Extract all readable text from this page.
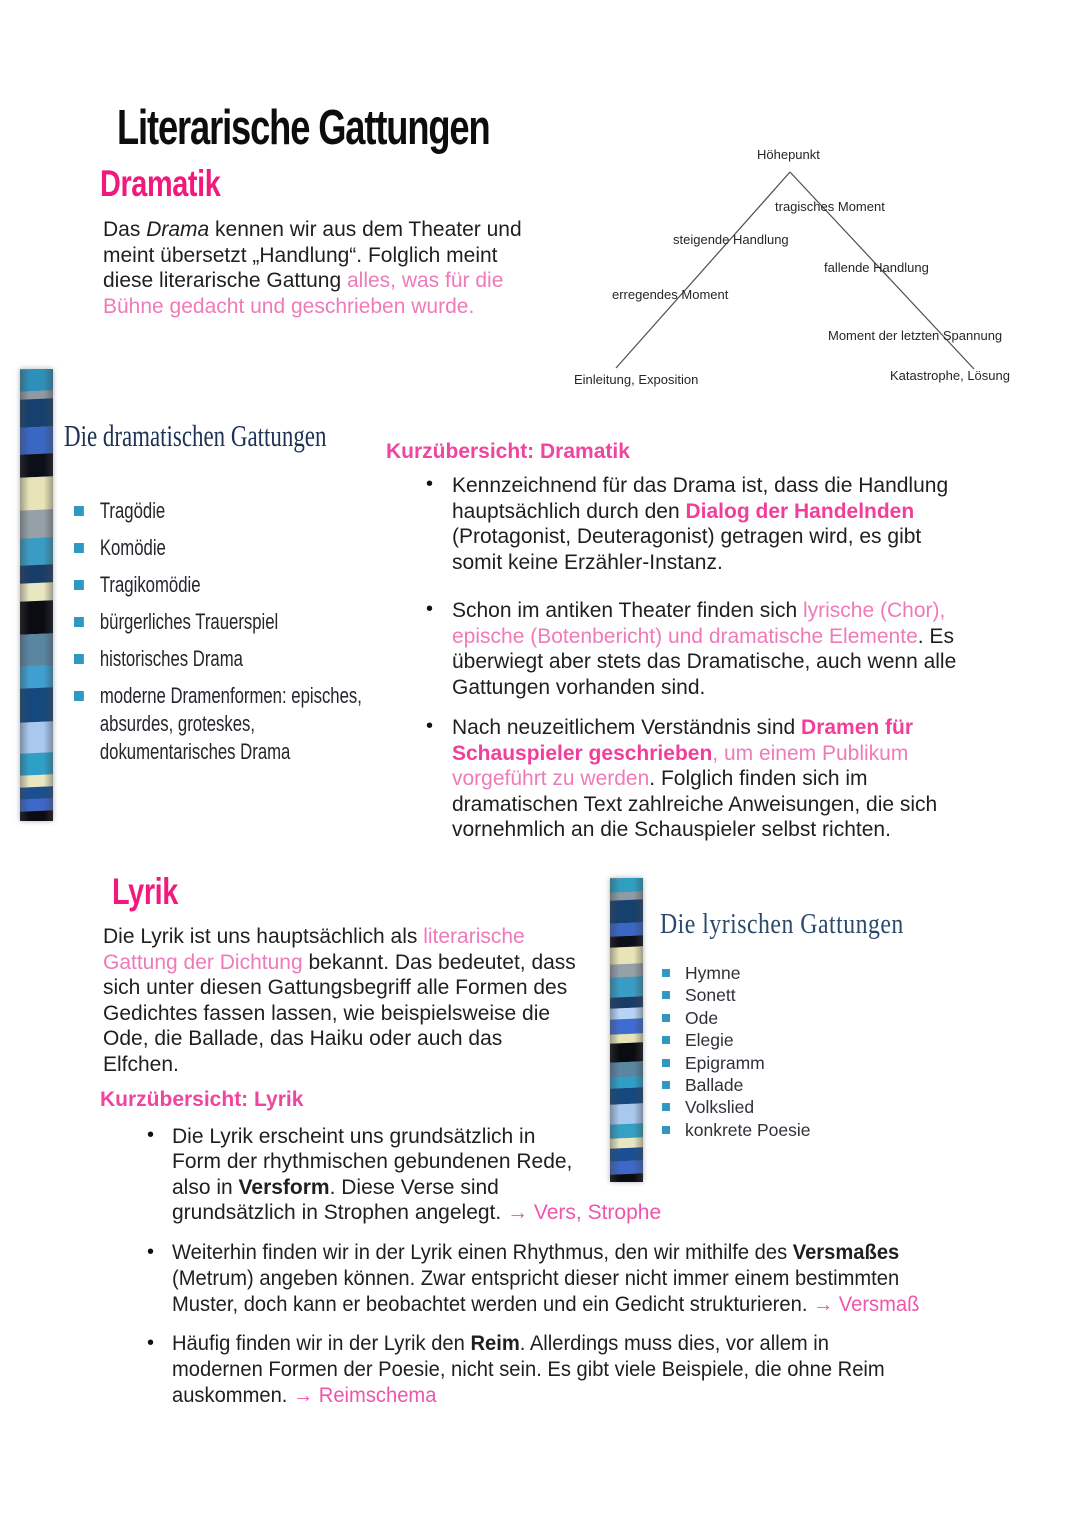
Literarische Gattungen
Dramatik
Das Drama kennen wir aus dem Theater und
meint übersetzt „Handlung“. Folglich meint
diese literarische Gattung alles, was für die
Bühne gedacht und geschrieben wurde.
Höhepunkt
tragisches Moment
steigende Handlung
fallende Handlung
erregendes Moment
Moment der letzten Spannung
Einleitung, Exposition	Katastrophe, Lösung
Die dramatischen Gattungen
Tragödie
Komödie
Tragikomödie
bürgerliches Trauerspiel
historisches Drama
moderne Dramenformen: episches, absurdes, groteskes, dokumentarisches Drama
Kurzübersicht: Dramatik
• Kennzeichnend für das Drama ist, dass die Handlung
hauptsächlich durch den Dialog der Handelnden
(Protagonist, Deuteragonist) getragen wird, es gibt
somit keine Erzähler-Instanz.
• Schon im antiken Theater finden sich lyrische (Chor),
epische (Botenbericht) und dramatische Elemente. Es
überwiegt aber stets das Dramatische, auch wenn alle
Gattungen vorhanden sind.
• Nach neuzeitlichem Verständnis sind Dramen für
Schauspieler geschrieben, um einem Publikum
vorgeführt zu werden. Folglich finden sich im
dramatischen Text zahlreiche Anweisungen, die sich
vornehmlich an die Schauspieler selbst richten.
Lyrik
Die Lyrik ist uns hauptsächlich als literarische
Gattung der Dichtung bekannt. Das bedeutet, dass
sich unter diesen Gattungsbegriff alle Formen des
Gedichtes fassen lassen, wie beispielsweise die
Ode, die Ballade, das Haiku oder auch das
Elfchen.
Die lyrischen Gattungen
Hymne
Sonett
Ode
Elegie
Epigramm
Ballade
Volkslied
konkrete Poesie
Kurzübersicht: Lyrik
• Die Lyrik erscheint uns grundsätzlich in
Form der rhythmischen gebundenen Rede,
also in Versform. Diese Verse sind
grundsätzlich in Strophen angelegt. → Vers, Strophe
• Weiterhin finden wir in der Lyrik einen Rhythmus, den wir mithilfe des Versmaßes
(Metrum) angeben können. Zwar entspricht dieser nicht immer einem bestimmten
Muster, doch kann er beobachtet werden und ein Gedicht strukturieren. → Versmaß
• Häufig finden wir in der Lyrik den Reim. Allerdings muss dies, vor allem in
modernen Formen der Poesie, nicht sein. Es gibt viele Beispiele, die ohne Reim
auskommen. → Reimschema
